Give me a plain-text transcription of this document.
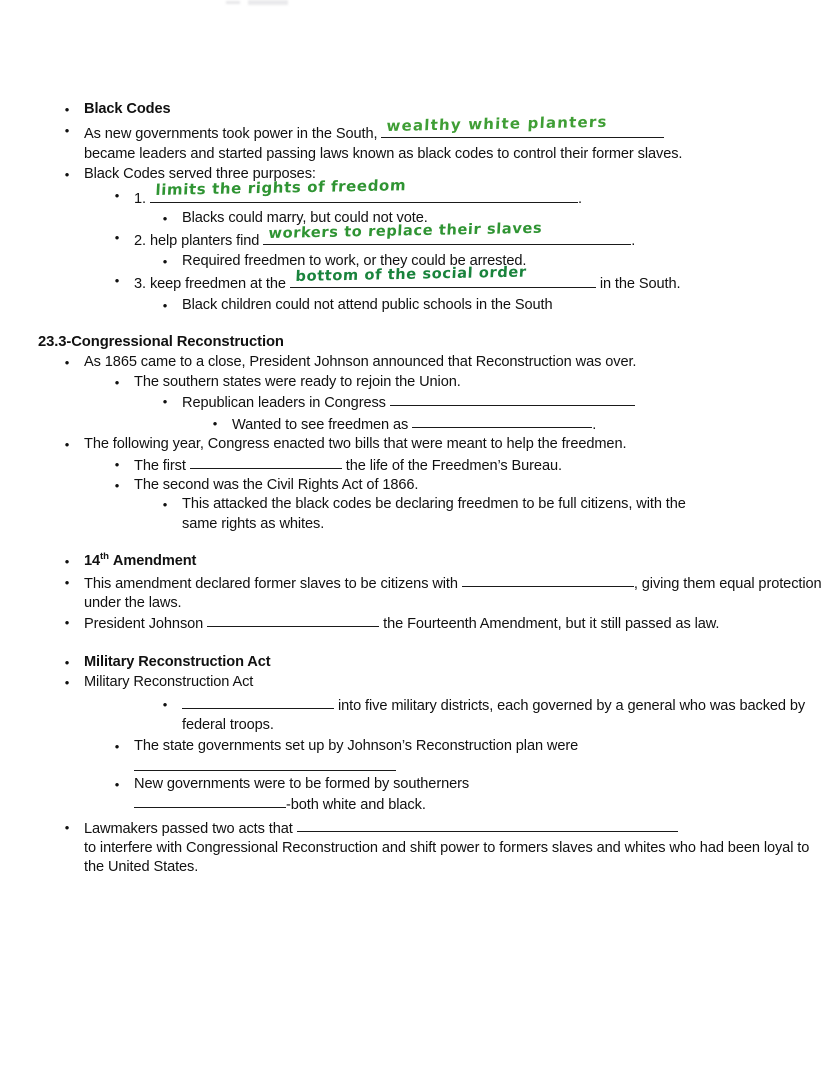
• Black Codes
• As new governments took power in the South, wealthy white planters

became leaders and started passing laws known as black codes to control their former slaves.
• Black Codes served three purposes:
• 1. limits the rights of freedom	.
• Blacks could marry, but could not vote.
• 2. help planters find workers to replace their slaves	.
• Required freedmen to work, or they could be arrested.
• 3. keep freedmen at the bottom of the social order	in the South.
• Black children could not attend public schools in the South
23.3-Congressional Reconstruction
• As 1865 came to a close, President Johnson announced that Reconstruction was over.
• The southern states were ready to rejoin the Union.
• Republican leaders in Congress
• Wanted to see freedmen as	.
• The following year, Congress enacted two bills that were meant to help the freedmen.
• The first	the life of the Freedmen’s Bureau.
• The second was the Civil Rights Act of 1866.
• This attacked the black codes be declaring freedmen to be full citizens, with the same rights as whites.
• 14th Amendment
• This amendment declared former slaves to be citizens with	, giving them equal protection under the laws.
• President Johnson	the Fourteenth Amendment, but it still passed as law.
• Military Reconstruction Act
• Military Reconstruction Act
•	into five military districts, each governed by a general who was backed by federal troops.
• The state governments set up by Johnson’s Reconstruction plan were
• New governments were to be formed by southerners
-both white and black.
• Lawmakers passed two acts that
to interfere with Congressional Reconstruction and shift power to formers slaves and whites who had been loyal to the United States.
